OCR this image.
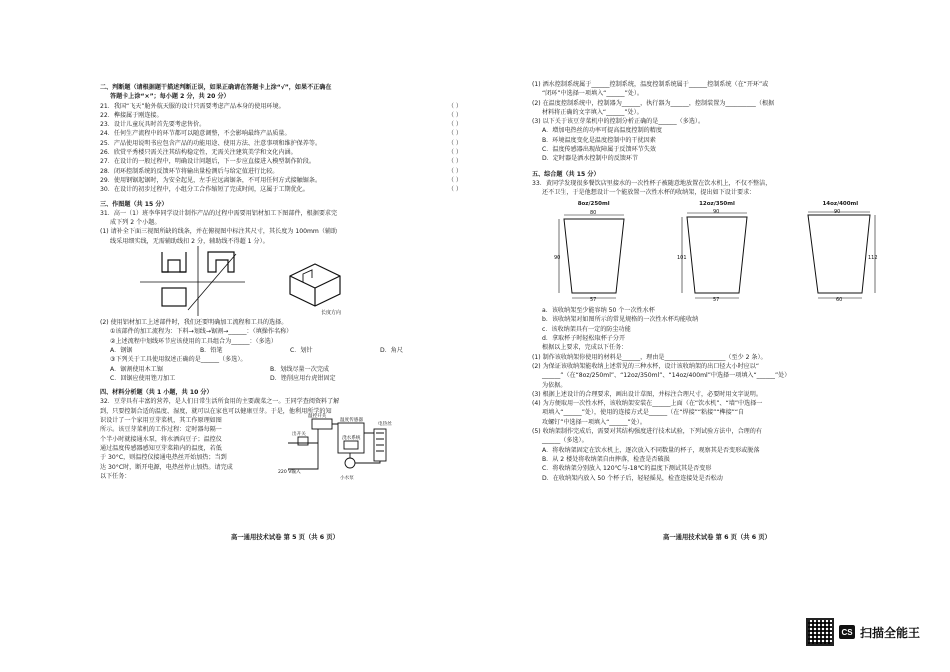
二、判断题（请根据题干描述判断正误，如果正确请在答题卡上涂“√”，如果不正确在

答题卡上涂“×”；每小题 2 分，共 20 分）

21．我国“飞天”舱外航天服的设计只需要考虑产品本身的使用环境。	（ ）
22．榫接属于刚连接。	（ ）
23．设计儿童玩具时首先要考虑售价。	（ ）
24．任何生产流程中的环节都可以随意调整，不会影响最终产品质量。	（ ）
25．产品使用说明书应包含产品的功能用途、使用方法、注意事项和维护保养等。	（ ）
26．欣赏平秀楼只需关注其结构稳定性，无需关注建筑美学和文化内涵。	（ ）
27．在设计的一般过程中，明确设计问题后，下一步应直接进入模型制作阶段。	（ ）
28．闭环控制系统的反馈环节将输出量检测后与给定值进行比较。	（ ）
29．使用钢锯起锯时，为安全起见，左手应远离锯条，不可用任何方式接触锯条。	（ ）
30．在设计的初步过程中，小组分工合作缩短了完成时间，这属于工期优化。	（ ）

三、作图题（共 15 分）

31．高一（1）班李华同学设计制作产品的过程中需要用铝材加工下图部件，根据要求完

成下列 2 个小题。

(1) 请补全下面三视图所缺的线条，并在俯视图中标注其尺寸，其长度为 100mm（辅助

线采用细实线，无需辅助线扣 2 分，辅助线不得超 1 分）。

长度方向

(2) 使用铝材加工上述部件时，我们还要明确加工流程和工具的选择。

①该部件的加工流程为：下料→划线→锯割→______：（填操作名称）

②上述流程中划线环节应该使用的工具组合为______：（多选）

A．钢锯	B．铅笔	C．划针	D．角尺

③下列关于工具使用叙述正确的是______（多选）。

A．锯割使用木工锯	B．划线尽量一次完成
C．回锯应使用锉刀加工	D．锉削应用台虎钳固定

四、材料分析题（共 1 小题，共 10 分）

32．豆芽具有丰富的营养，是人们日常生活所食用的主要蔬菜之一。王同学查阅资料了解

到，只要控制合适的温度、湿度，就可以在家也可以健康豆芽。于是，他利用所学的知

识设计了一个家用豆芽菜机，其工作原理如图

所示。该豆芽菜机的工作过程：定时器每隔一

个半小时就接通水泵，将水洒向豆子；温控仪

通过温度传感器感知豆芽菜箱内的温度，若低

于 30°C，则温控仪接通电热丝开始加热；当到

达 30°C时，断开电源，电热丝停止加热。请完成

以下任务：

温控开关
温度传感器
电热丝
出开关
浇水系统
220 V输入
小水泵
高一通用技术试卷 第 5 页（共 6 页）

(1) 洒水控制系统属于______控制系统，温度控制系统属于______控制系统（在“开环”或

“闭环”中选择一项填入“______”处）。

(2) 在温度控制系统中，控制器为______，执行器为______，控制装置为__________（根据

材料将正确的文字填入“______”处）。

(3) 以下关于该豆芽菜机中的控制分析正确的是______（多选）。

A．增加电热丝的功率可提高温度控制的精度

B．环境温度变化是温度控制中的干扰因素

C．温度传感器出现故障属于反馈环节失效

D．定时器是洒水控制中的反馈环节

五、综合题（共 15 分）

33．黄同学发现很多餐饮店里接水的一次性杯子被随意地放置在饮水机上，不仅不整洁，

还不卫生，于是他想设计一个能放置一次性水杯的收纳架，提出如下设计要求：

8oz/250ml
80
90
57
12oz/350ml
90
101
57
14oz/400ml
90
112
60

a．该收纳架至少能容纳 50 个一次性水杯

b．该收纳架对如图所示的常见规格的一次性水杯均能收纳

c．该收纳架具有一定的防尘功能

d．拿取杯子时轻松取杯子分开

根据以上要求，完成以下任务：

(1) 制作该收纳架你使用的材料是______，理由是____________________（至少 2 条）。

(2) 为保证该收纳架能收纳上述常见的三种水杯，设计该收纳架的出口径大小时应以“

______”（在“8oz/250ml”、“12oz/350ml”、“14oz/400ml”中选择一项填入“______”处）

为依据。

(3) 根据上述设计的合理要求，画出设计草图，并标注合理尺寸，必要时用文字说明。

(4) 为方便取用一次性水杯，该收纳架安装在______上面（在“饮水机”、“墙”中选择一

项填入“______”处），使用的连接方式是______（在“焊接”“粘接”“榫接”“自

攻螺钉”中选择一项填入“______”处）。

(5) 收纳架制作完成后，需要对其结构强度进行技术试验，下列试验方法中，合理的有

______（多选）。

A．将收纳架固定在饮水机上，逐次放入不同数量的杯子，观察其是否变形或脱落

B．从 2 楼处将收纳架自由摔落，检查是否破损

C．将收纳架分别放入 120℃与-18℃的温度下测试其是否变形

D．在收纳架内放入 50 个杯子后，轻轻摇晃，检查连接处是否松动

高一通用技术试卷 第 6 页（共 6 页）
CS 扫描全能王
